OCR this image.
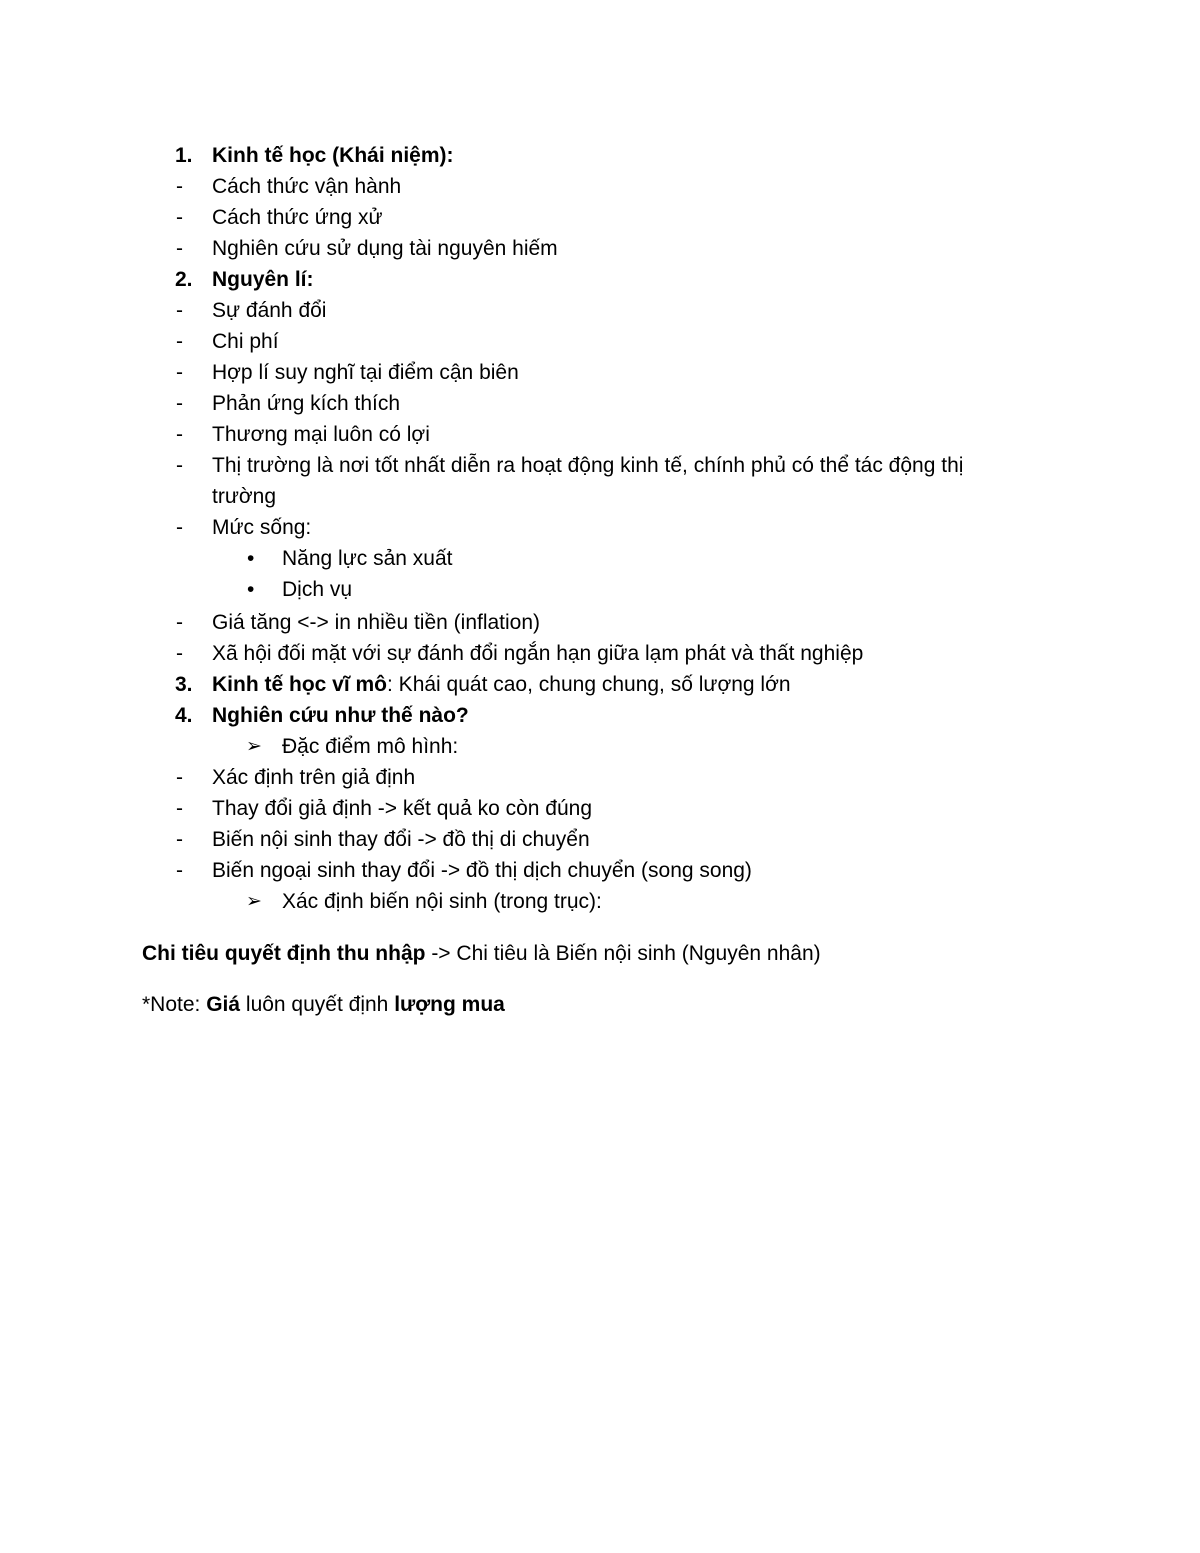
1. Kinh tế học (Khái niệm):
- Cách thức vận hành
- Cách thức ứng xử
- Nghiên cứu sử dụng tài nguyên hiếm
2. Nguyên lí:
- Sự đánh đổi
- Chi phí
- Hợp lí suy nghĩ tại điểm cận biên
- Phản ứng kích thích
- Thương mại luôn có lợi
- Thị trường là nơi tốt nhất diễn ra hoạt động kinh tế, chính phủ có thể tác động thị
trường
- Mức sống:
• Năng lực sản xuất
• Dịch vụ
- Giá tăng <-> in nhiều tiền (inflation)
- Xã hội đối mặt với sự đánh đổi ngắn hạn giữa lạm phát và thất nghiệp
3. Kinh tế học vĩ mô: Khái quát cao, chung chung, số lượng lớn
4. Nghiên cứu như thế nào?
➢ Đặc điểm mô hình:
- Xác định trên giả định
- Thay đổi giả định -> kết quả ko còn đúng
- Biến nội sinh thay đổi -> đồ thị di chuyển
- Biến ngoại sinh thay đổi -> đồ thị dịch chuyển (song song)
➢ Xác định biến nội sinh (trong trục):
Chi tiêu quyết định thu nhập -> Chi tiêu là Biến nội sinh (Nguyên nhân)
*Note: Giá luôn quyết định lượng mua
